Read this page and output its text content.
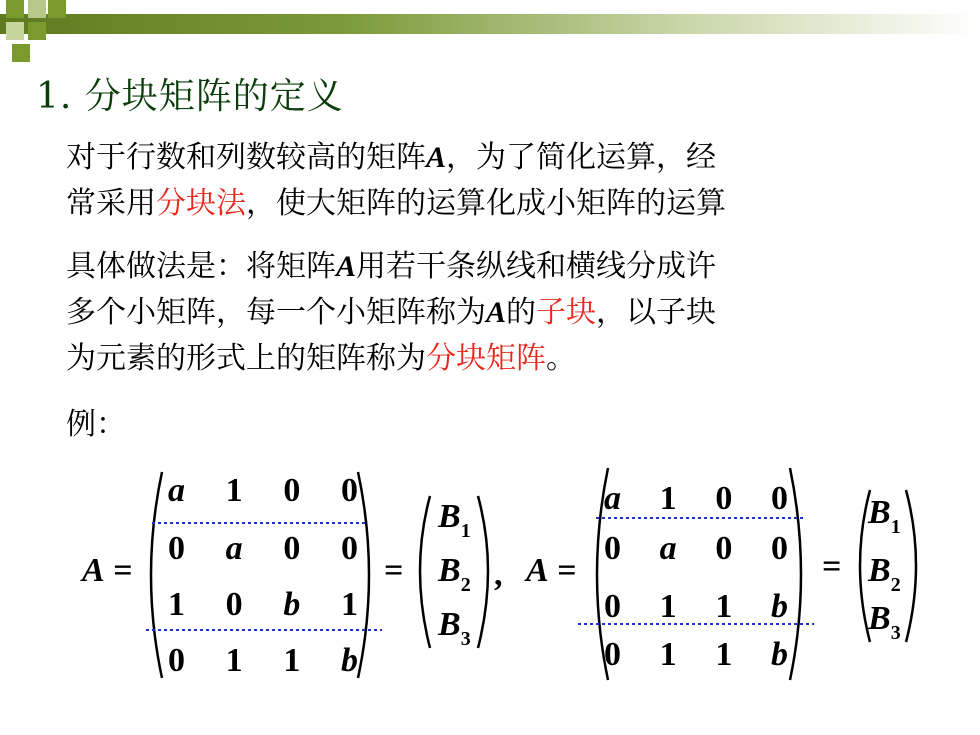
1. 分块矩阵的定义
对于行数和列数较高的矩阵A，为了简化运算，经
常采用分块法，使大矩阵的运算化成小矩阵的运算
具体做法是：将矩阵A用若干条纵线和横线分成许
多个小矩阵，每一个小矩阵称为A的子块，以子块
为元素的形式上的矩阵称为分块矩阵。
例：
A =
a 1 0 0
0 a 0 0
1 0 b 1
0 1 1 b
=
$B_1$
$B_2$
$B_3$
, A =
a 1 0 0
0 a 0 0
0 1 1 b
0 1 1 b
=
$B_1$
$B_2$
$B_3$
